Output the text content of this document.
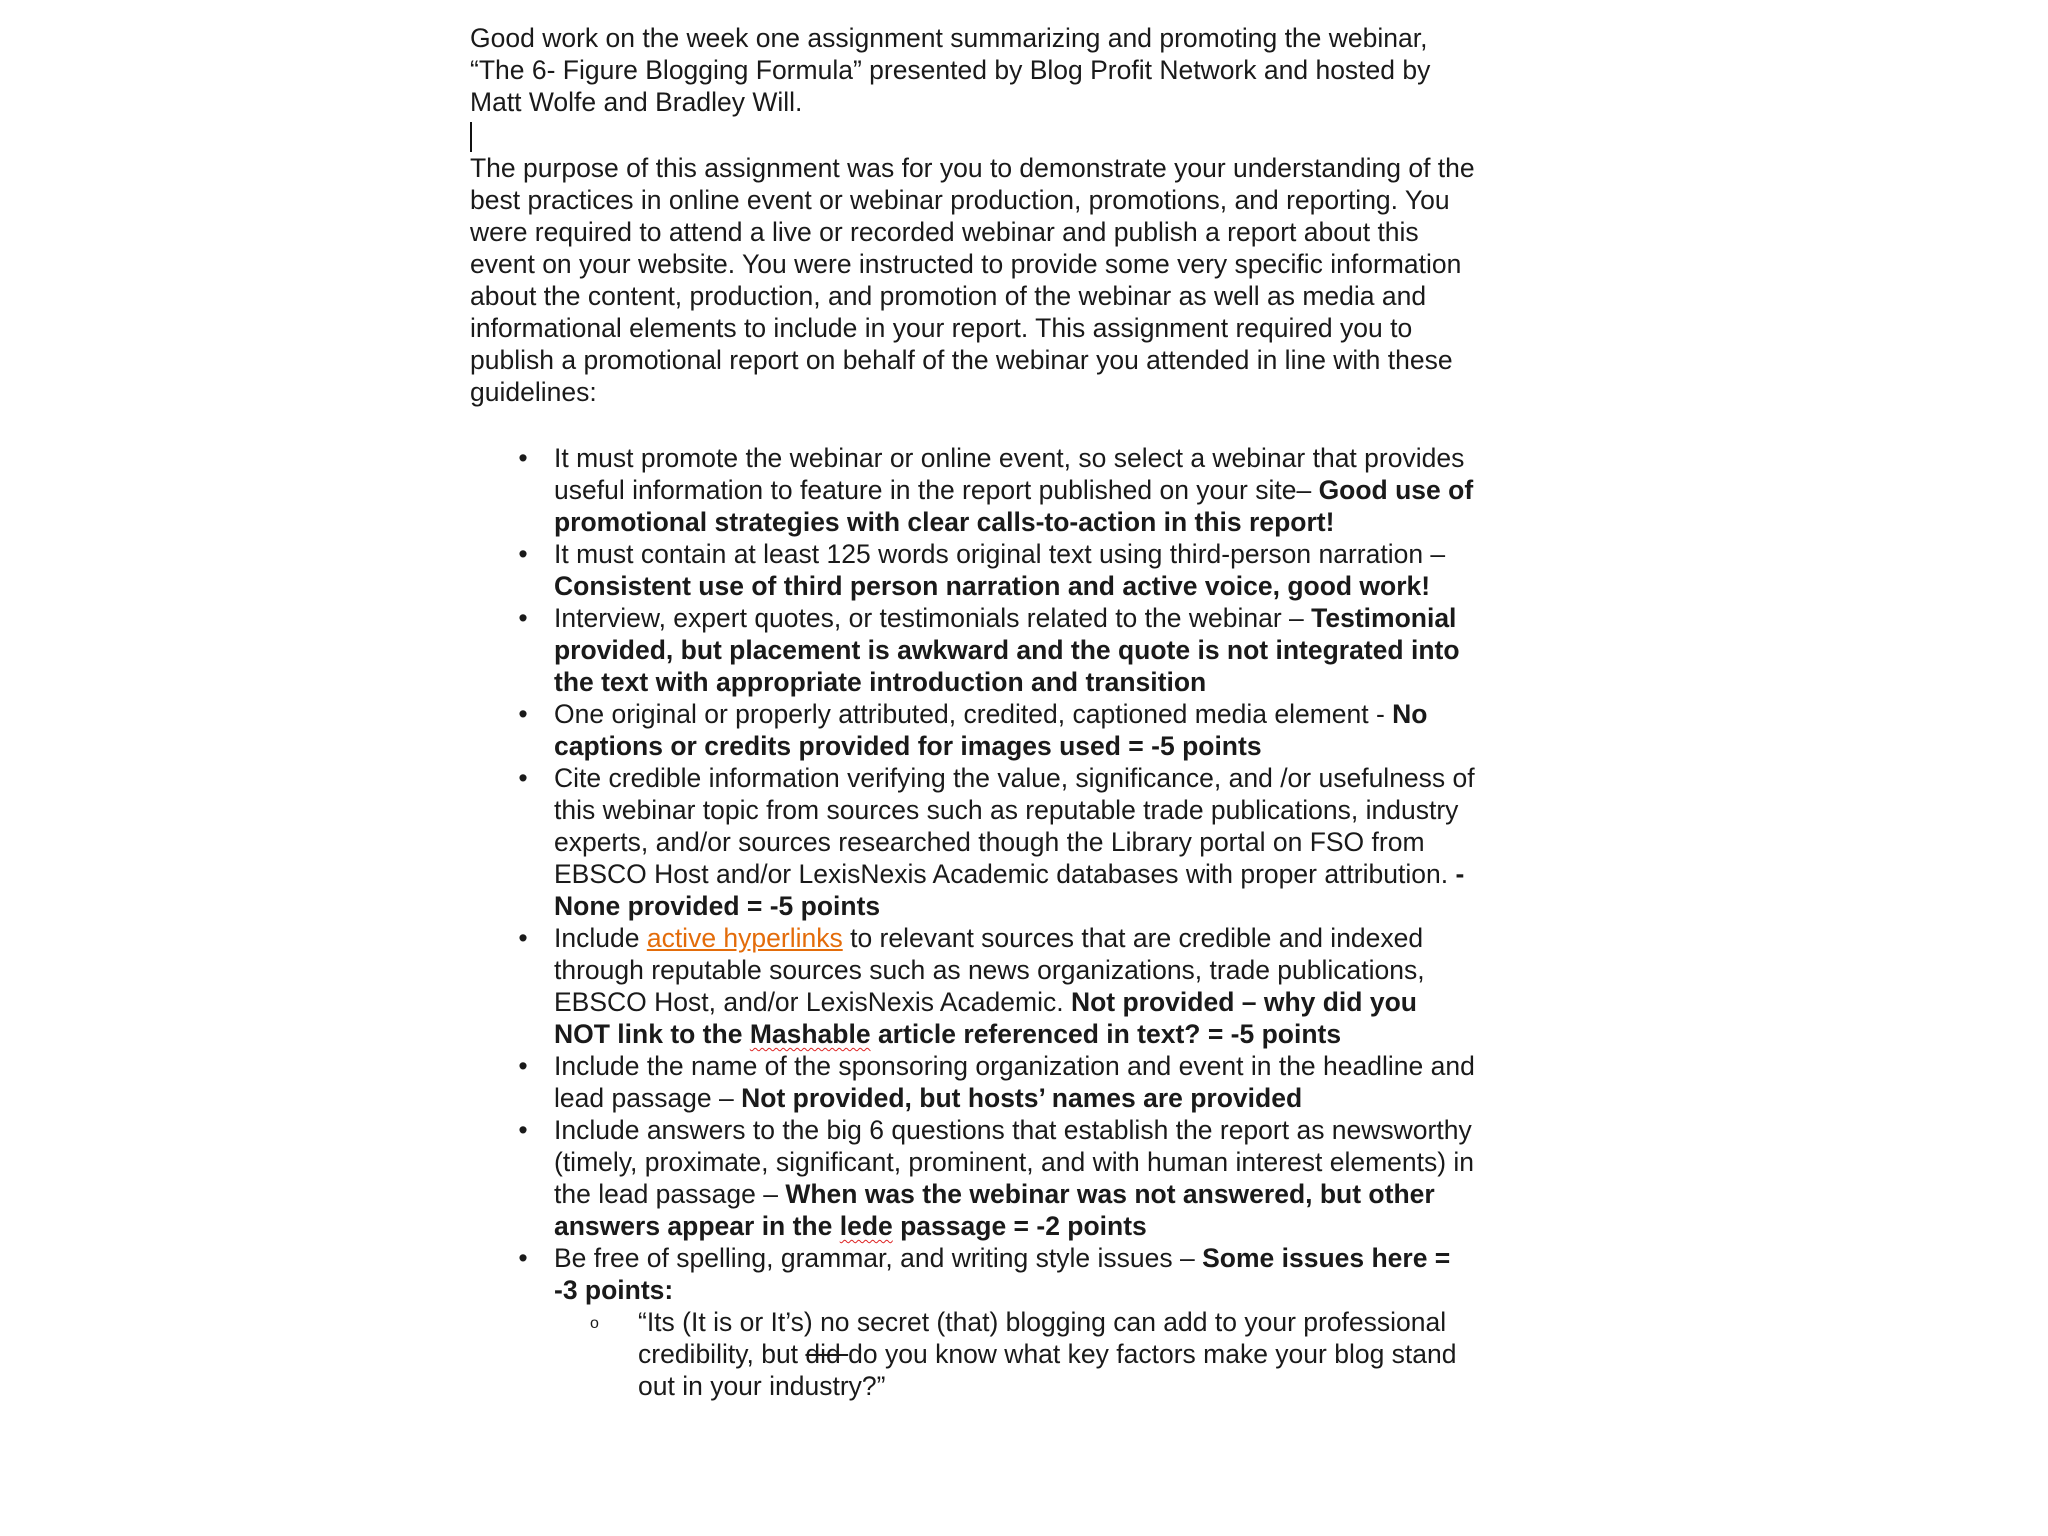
Good work on the week one assignment summarizing and promoting the webinar, “The 6- Figure Blogging Formula” presented by Blog Profit Network and hosted by Matt Wolfe and Bradley Will.

The purpose of this assignment was for you to demonstrate your understanding of the best practices in online event or webinar production, promotions, and reporting. You were required to attend a live or recorded webinar and publish a report about this event on your website. You were instructed to provide some very specific information about the content, production, and promotion of the webinar as well as media and informational elements to include in your report. This assignment required you to publish a promotional report on behalf of the webinar you attended in line with these guidelines:

• It must promote the webinar or online event, so select a webinar that provides useful information to feature in the report published on your site– Good use of promotional strategies with clear calls-to-action in this report!
• It must contain at least 125 words original text using third-person narration – Consistent use of third person narration and active voice, good work!
• Interview, expert quotes, or testimonials related to the webinar – Testimonial provided, but placement is awkward and the quote is not integrated into the text with appropriate introduction and transition
• One original or properly attributed, credited, captioned media element - No captions or credits provided for images used = -5 points
• Cite credible information verifying the value, significance, and /or usefulness of this webinar topic from sources such as reputable trade publications, industry experts, and/or sources researched though the Library portal on FSO from EBSCO Host and/or LexisNexis Academic databases with proper attribution. - None provided = -5 points
• Include active hyperlinks to relevant sources that are credible and indexed through reputable sources such as news organizations, trade publications, EBSCO Host, and/or LexisNexis Academic. Not provided – why did you NOT link to the Mashable article referenced in text? = -5 points
• Include the name of the sponsoring organization and event in the headline and lead passage – Not provided, but hosts’ names are provided
• Include answers to the big 6 questions that establish the report as newsworthy (timely, proximate, significant, prominent, and with human interest elements) in the lead passage – When was the webinar was not answered, but other answers appear in the lede passage = -2 points
• Be free of spelling, grammar, and writing style issues – Some issues here = -3 points:
o “Its (It is or It’s) no secret (that) blogging can add to your professional credibility, but did do you know what key factors make your blog stand out in your industry?”
